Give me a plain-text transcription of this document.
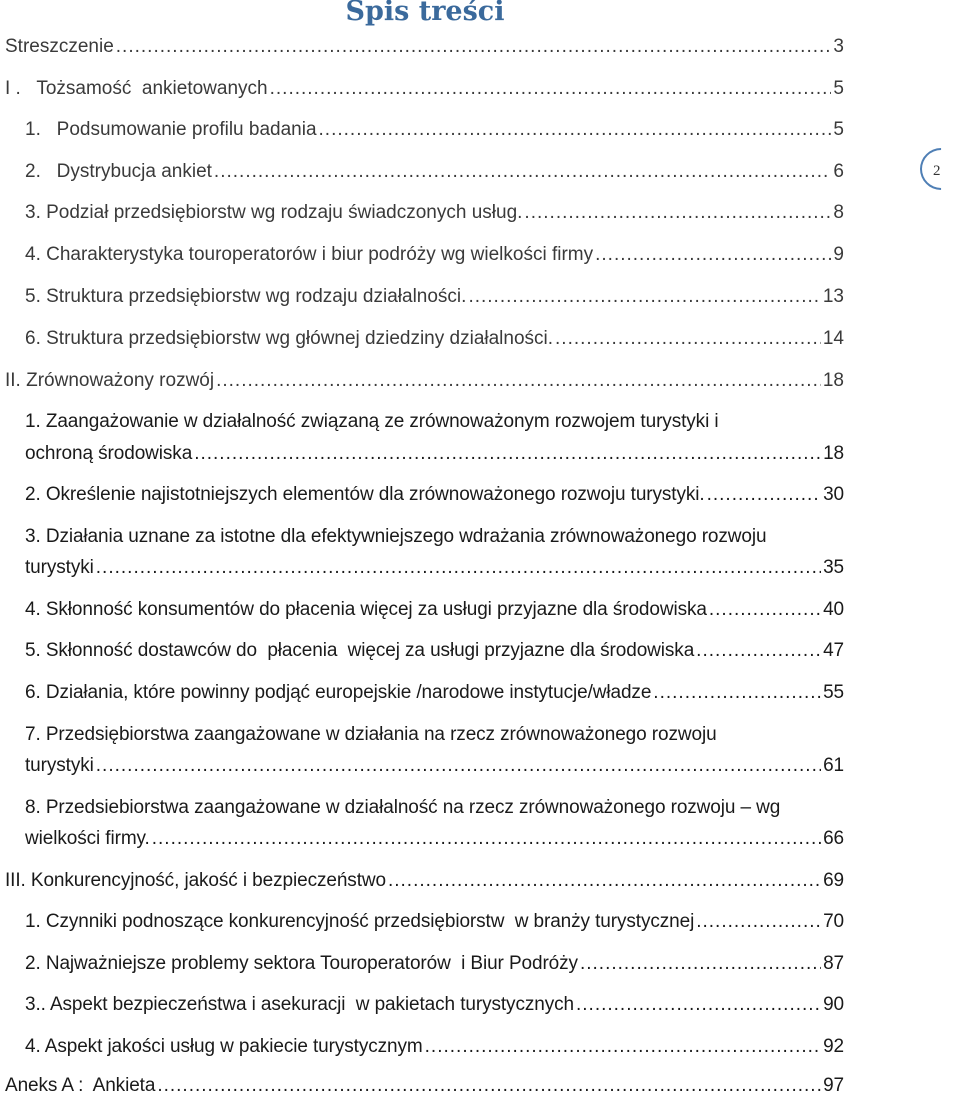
Spis treści
2
Streszczenie .....	3
I .   Tożsamość  ankietowanych .....	5
1.   Podsumowanie profilu badania .....	5
2.   Dystrybucja ankiet .....	6
3. Podział przedsiębiorstw wg rodzaju świadczonych usług. .....	8
4. Charakterystyka touroperatorów i biur podróży wg wielkości firmy .....	9
5. Struktura przedsiębiorstw wg rodzaju działalności. .....	13
6. Struktura przedsiębiorstw wg głównej dziedziny działalności. .....	14
II. Zrównoważony rozwój .....	18
1. Zaangażowanie w działalność związaną ze zrównoważonym rozwojem turystyki i
ochroną środowiska .....	18
2. Określenie najistotniejszych elementów dla zrównoważonego rozwoju turystyki. .....	30
3. Działania uznane za istotne dla efektywniejszego wdrażania zrównoważonego rozwoju
turystyki .....	35
4. Skłonność konsumentów do płacenia więcej za usługi przyjazne dla środowiska .....	40
5. Skłonność dostawców do  płacenia  więcej za usługi przyjazne dla środowiska .....	47
6. Działania, które powinny podjąć europejskie /narodowe instytucje/władze .....	55
7. Przedsiębiorstwa zaangażowane w działania na rzecz zrównoważonego rozwoju
turystyki .....	61
8. Przedsiebiorstwa zaangażowane w działalność na rzecz zrównoważonego rozwoju – wg
wielkości firmy. .....	66
III. Konkurencyjność, jakość i bezpieczeństwo .....	69
1. Czynniki podnoszące konkurencyjność przedsiębiorstw  w branży turystycznej .....	70
2. Najważniejsze problemy sektora Touroperatorów  i Biur Podróży .....	87
3.. Aspekt bezpieczeństwa i asekuracji  w pakietach turystycznych .....	90
4. Aspekt jakości usług w pakiecie turystycznym .....	92
Aneks A :  Ankieta .....	97
